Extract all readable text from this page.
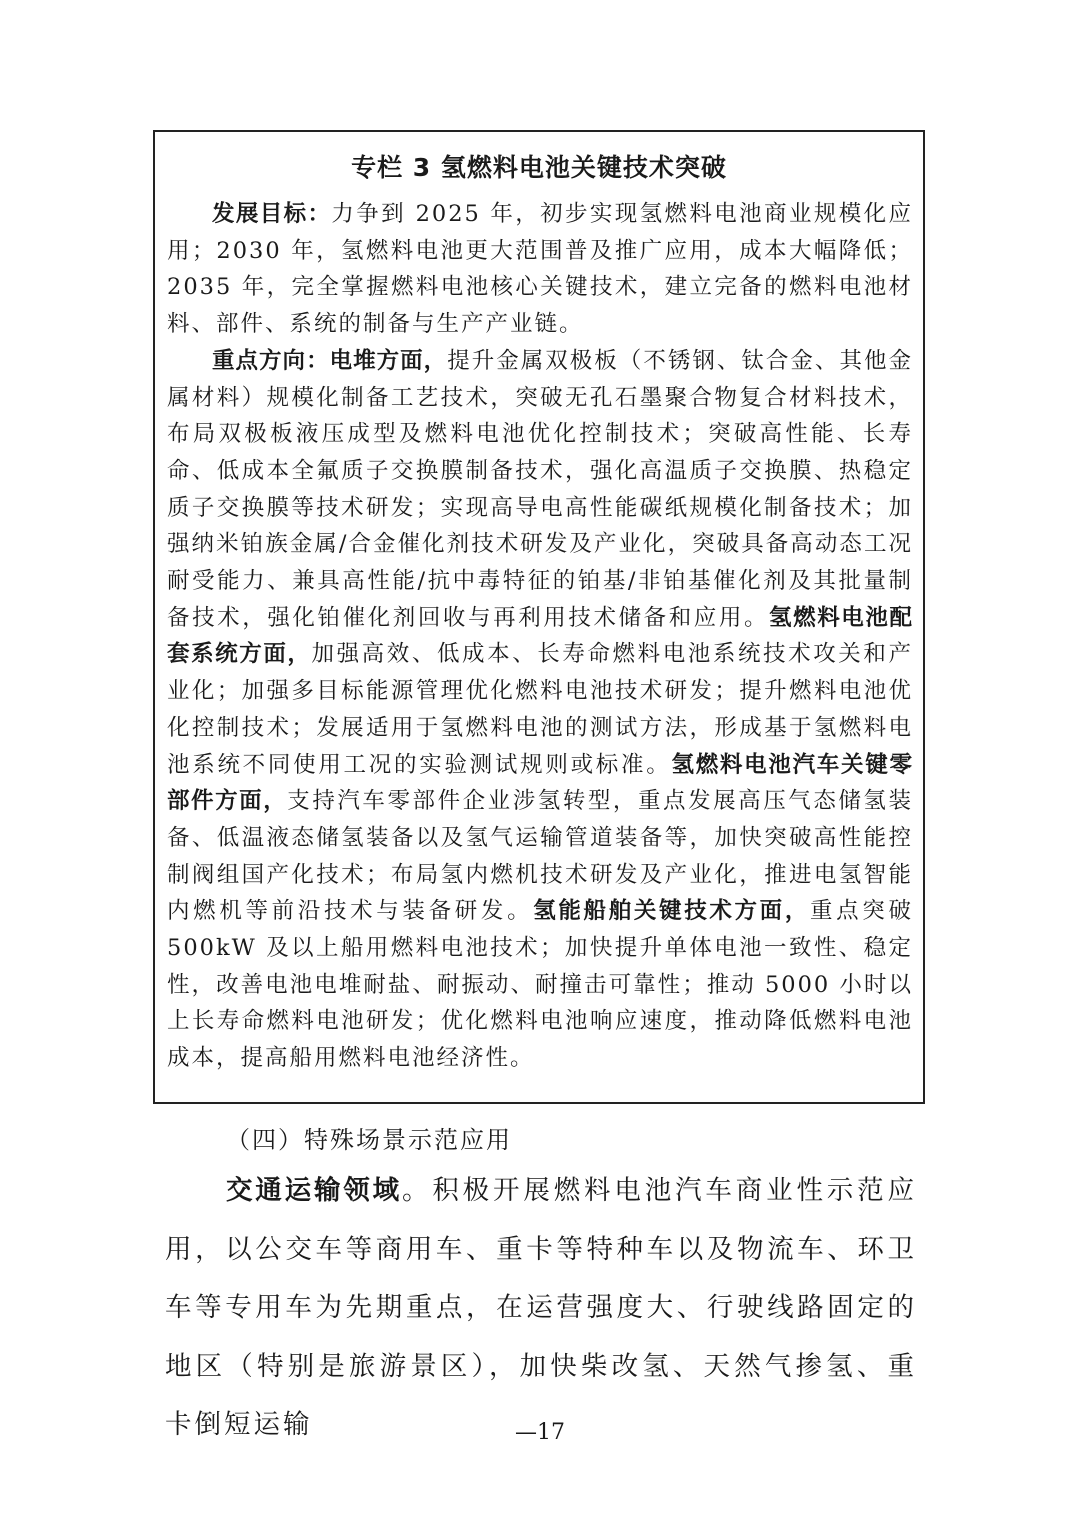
专栏 3 氢燃料电池关键技术突破

发展目标：力争到 2025 年，初步实现氢燃料电池商业规模化应用；2030 年，氢燃料电池更大范围普及推广应用，成本大幅降低；2035 年，完全掌握燃料电池核心关键技术，建立完备的燃料电池材料、部件、系统的制备与生产产业链。

重点方向：电堆方面，提升金属双极板（不锈钢、钛合金、其他金属材料）规模化制备工艺技术，突破无孔石墨聚合物复合材料技术，布局双极板液压成型及燃料电池优化控制技术；突破高性能、长寿命、低成本全氟质子交换膜制备技术，强化高温质子交换膜、热稳定质子交换膜等技术研发；实现高导电高性能碳纸规模化制备技术；加强纳米铂族金属/合金催化剂技术研发及产业化，突破具备高动态工况耐受能力、兼具高性能/抗中毒特征的铂基/非铂基催化剂及其批量制备技术，强化铂催化剂回收与再利用技术储备和应用。氢燃料电池配套系统方面，加强高效、低成本、长寿命燃料电池系统技术攻关和产业化；加强多目标能源管理优化燃料电池技术研发；提升燃料电池优化控制技术；发展适用于氢燃料电池的测试方法，形成基于氢燃料电池系统不同使用工况的实验测试规则或标准。氢燃料电池汽车关键零部件方面，支持汽车零部件企业涉氢转型，重点发展高压气态储氢装备、低温液态储氢装备以及氢气运输管道装备等，加快突破高性能控制阀组国产化技术；布局氢内燃机技术研发及产业化，推进电氢智能内燃机等前沿技术与装备研发。氢能船舶关键技术方面，重点突破 500kW 及以上船用燃料电池技术；加快提升单体电池一致性、稳定性，改善电池电堆耐盐、耐振动、耐撞击可靠性；推动 5000 小时以上长寿命燃料电池研发；优化燃料电池响应速度，推动降低燃料电池成本，提高船用燃料电池经济性。

（四）特殊场景示范应用

交通运输领域。积极开展燃料电池汽车商业性示范应用，以公交车等商用车、重卡等特种车以及物流车、环卫车等专用车为先期重点，在运营强度大、行驶线路固定的地区（特别是旅游景区），加快柴改氢、天然气掺氢、重卡倒短运输	—17
